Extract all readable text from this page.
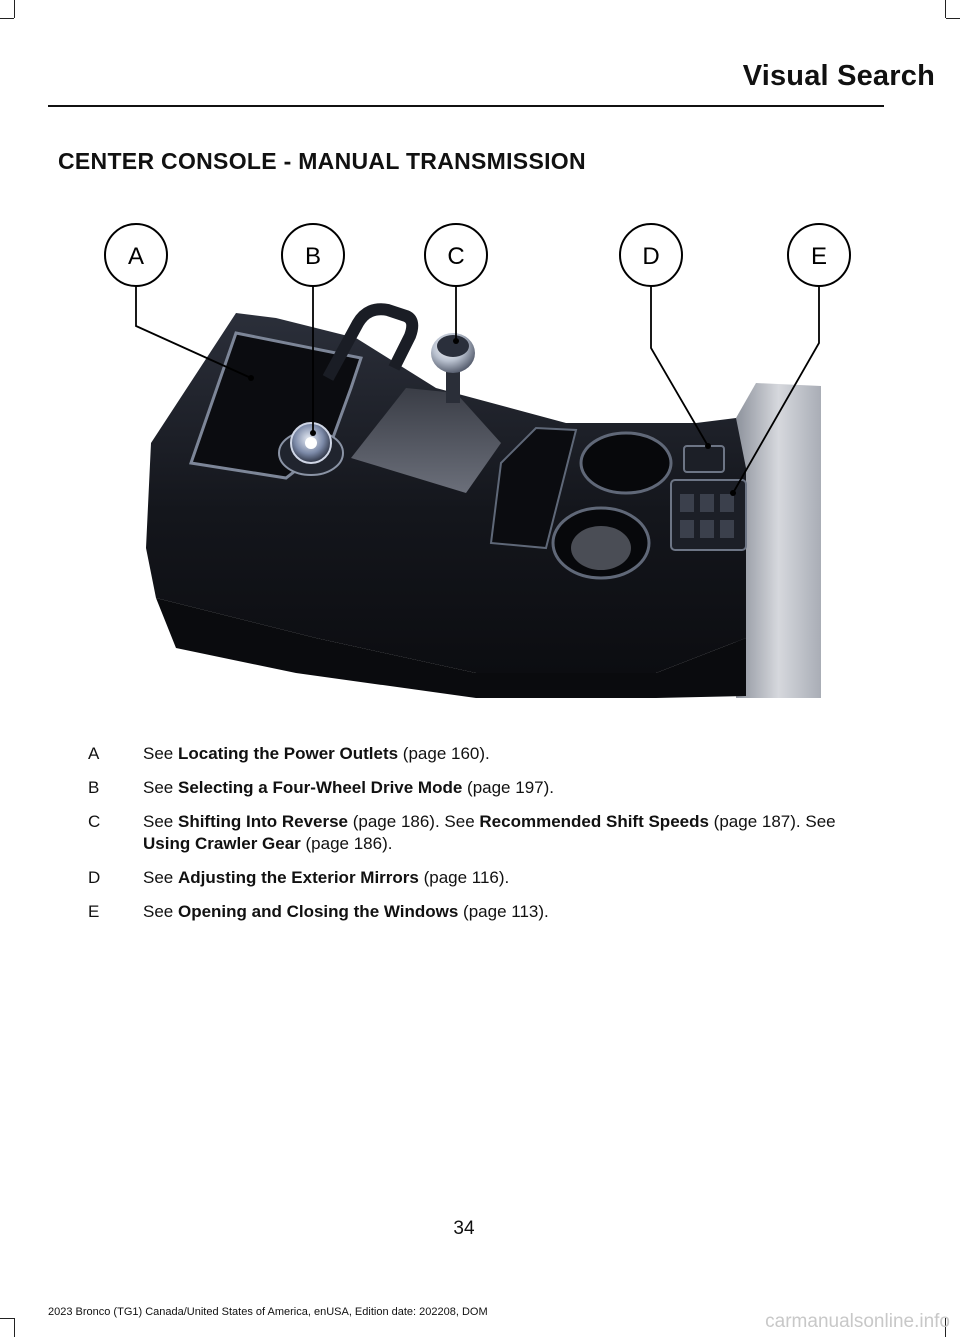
Visual Search
CENTER CONSOLE - MANUAL TRANSMISSION
A	B	C	D	E
A	See Locating the Power Outlets (page 160).
B	See Selecting a Four-Wheel Drive Mode (page 197).
C	See Shifting Into Reverse (page 186). See Recommended Shift Speeds (page 187). See Using Crawler Gear (page 186).
D	See Adjusting the Exterior Mirrors (page 116).
E	See Opening and Closing the Windows (page 113).
34
2023 Bronco (TG1) Canada/United States of America, enUSA, Edition date: 202208, DOM	carmanualsonline.info
